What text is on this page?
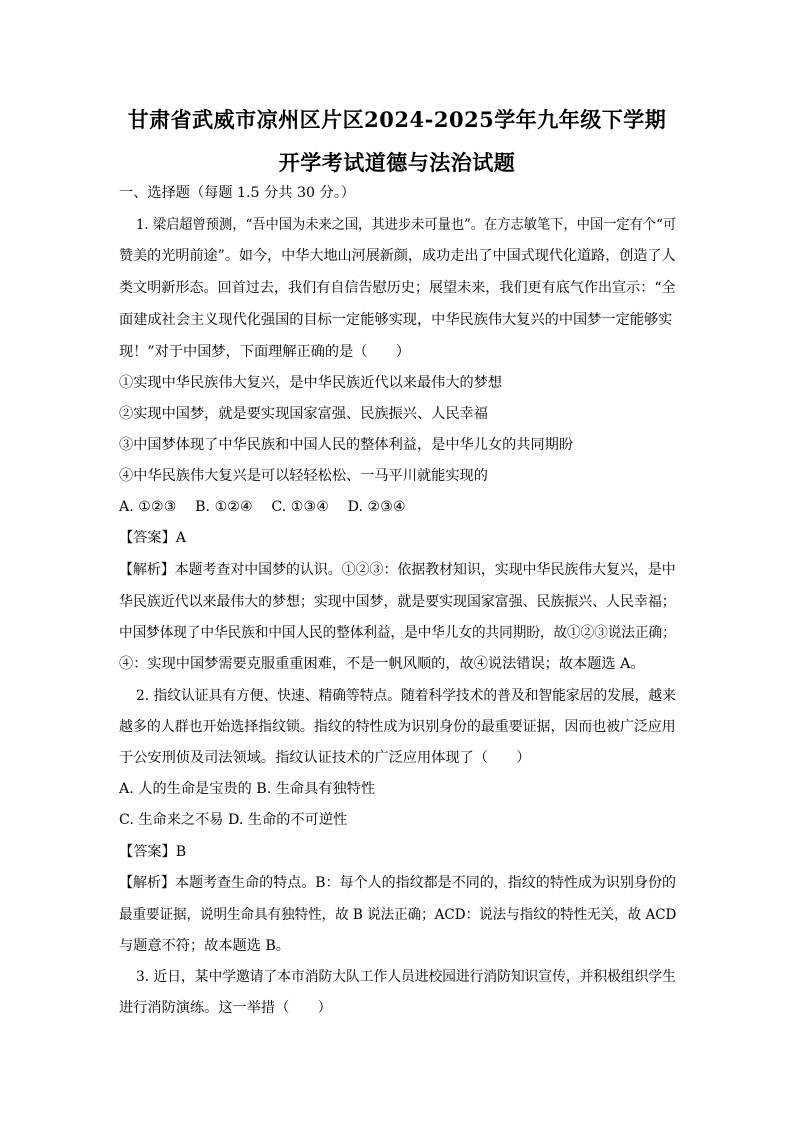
甘肃省武威市凉州区片区2024-2025学年九年级下学期
开学考试道德与法治试题
一、选择题（每题 1.5 分共 30 分。）
1. 梁启超曾预测，“吾中国为未来之国，其进步未可量也”。在方志敏笔下，中国一定有个“可
赞美的光明前途”。如今，中华大地山河展新颜，成功走出了中国式现代化道路，创造了人
类文明新形态。回首过去，我们有自信告慰历史；展望未来，我们更有底气作出宣示：“全
面建成社会主义现代化强国的目标一定能够实现，中华民族伟大复兴的中国梦一定能够实
现！”对于中国梦，下面理解正确的是（　　）
①实现中华民族伟大复兴，是中华民族近代以来最伟大的梦想
②实现中国梦，就是要实现国家富强、民族振兴、人民幸福
③中国梦体现了中华民族和中国人民的整体利益，是中华儿女的共同期盼
④中华民族伟大复兴是可以轻轻松松、一马平川就能实现的
A. ①②③　 B. ①②④　 C. ①③④　 D. ②③④
【答案】A
【解析】本题考查对中国梦的认识。①②③：依据教材知识，实现中华民族伟大复兴，是中
华民族近代以来最伟大的梦想；实现中国梦，就是要实现国家富强、民族振兴、人民幸福；
中国梦体现了中华民族和中国人民的整体利益，是中华儿女的共同期盼，故①②③说法正确；
④：实现中国梦需要克服重重困难，不是一帆风顺的，故④说法错误；故本题选 A。
2. 指纹认证具有方便、快速、精确等特点。随着科学技术的普及和智能家居的发展，越来
越多的人群也开始选择指纹锁。指纹的特性成为识别身份的最重要证据，因而也被广泛应用
于公安刑侦及司法领域。指纹认证技术的广泛应用体现了（　　）
A. 人的生命是宝贵的 B. 生命具有独特性
C. 生命来之不易 D. 生命的不可逆性
【答案】B
【解析】本题考查生命的特点。B：每个人的指纹都是不同的，指纹的特性成为识别身份的
最重要证据，说明生命具有独特性，故 B 说法正确；ACD：说法与指纹的特性无关，故 ACD
与题意不符；故本题选 B。
3. 近日，某中学邀请了本市消防大队工作人员进校园进行消防知识宣传，并积极组织学生
进行消防演练。这一举措（　　）
